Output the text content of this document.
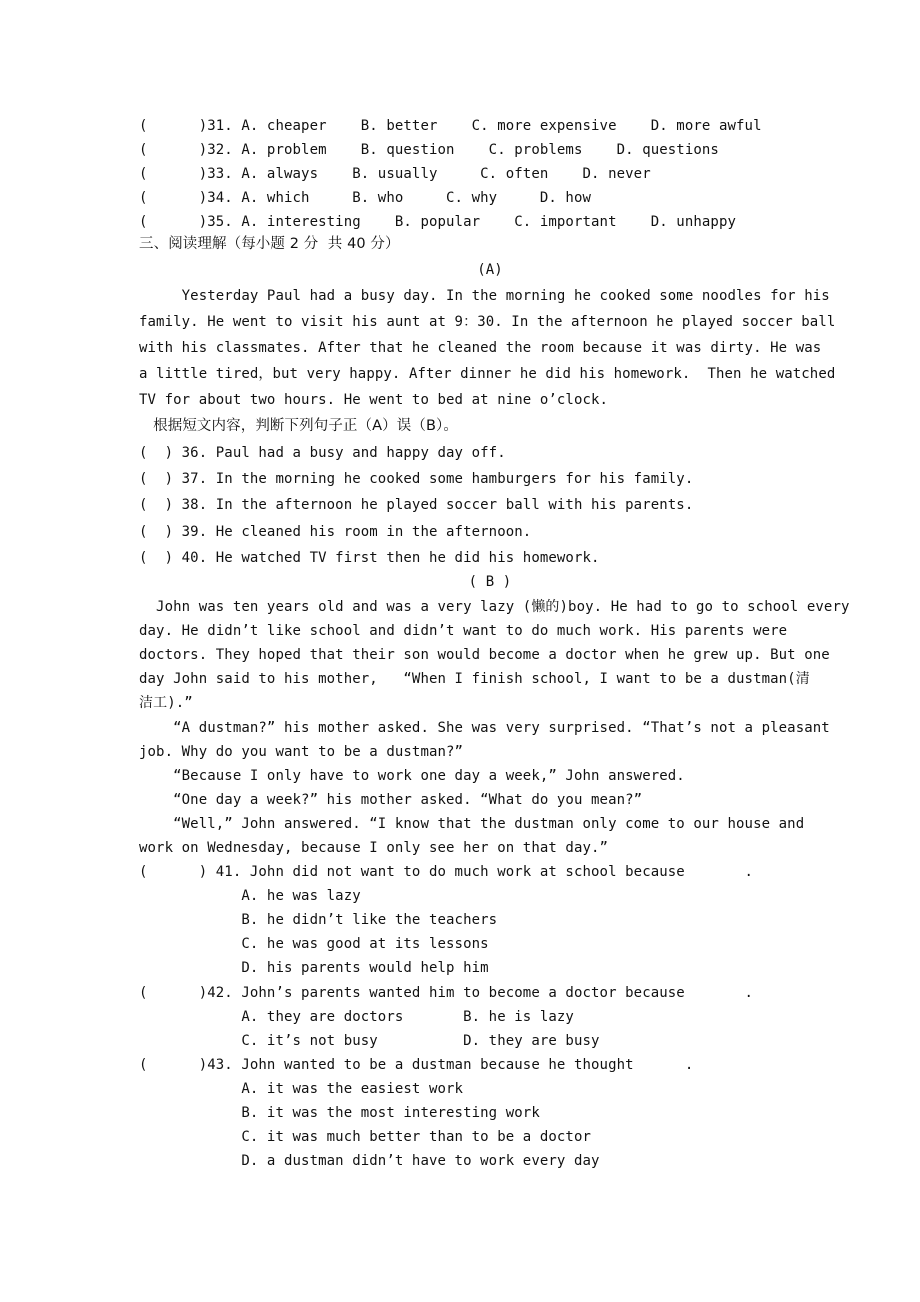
(      )31. A. cheaper    B. better    C. more expensive    D. more awful
(      )32. A. problem    B. question    C. problems    D. questions
(      )33. A. always    B. usually     C. often    D. never
(      )34. A. which     B. who     C. why     D. how
(      )35. A. interesting    B. popular    C. important    D. unhappy
三、阅读理解（每小题 2 分  共 40 分）
(A)
Yesterday Paul had a busy day. In the morning he cooked some noodles for his
family. He went to visit his aunt at 9：30. In the afternoon he played soccer ball
with his classmates. After that he cleaned the room because it was dirty. He was
a little tired，but very happy. After dinner he did his homework.  Then he watched
TV for about two hours. He went to bed at nine o’clock.
根据短文内容，判断下列句子正（A）误（B）。
(  ) 36. Paul had a busy and happy day off.
(  ) 37. In the morning he cooked some hamburgers for his family.
(  ) 38. In the afternoon he played soccer ball with his parents.
(  ) 39. He cleaned his room in the afternoon.
(  ) 40. He watched TV first then he did his homework.
( B )
John was ten years old and was a very lazy (懒的)boy. He had to go to school every
day. He didn’t like school and didn’t want to do much work. His parents were
doctors. They hoped that their son would become a doctor when he grew up. But one
day John said to his mother,   “When I finish school, I want to be a dustman(清
洁工).”
“A dustman?” his mother asked. She was very surprised. “That’s not a pleasant
job. Why do you want to be a dustman?”
“Because I only have to work one day a week,” John answered.
“One day a week?” his mother asked. “What do you mean?”
“Well,” John answered. “I know that the dustman only come to our house and
work on Wednesday, because I only see her on that day.”
(      ) 41. John did not want to do much work at school because       .
A. he was lazy
B. he didn’t like the teachers
C. he was good at its lessons
D. his parents would help him
(      )42. John’s parents wanted him to become a doctor because       .
A. they are doctors       B. he is lazy
C. it’s not busy          D. they are busy
(      )43. John wanted to be a dustman because he thought      .
A. it was the easiest work
B. it was the most interesting work
C. it was much better than to be a doctor
D. a dustman didn’t have to work every day
